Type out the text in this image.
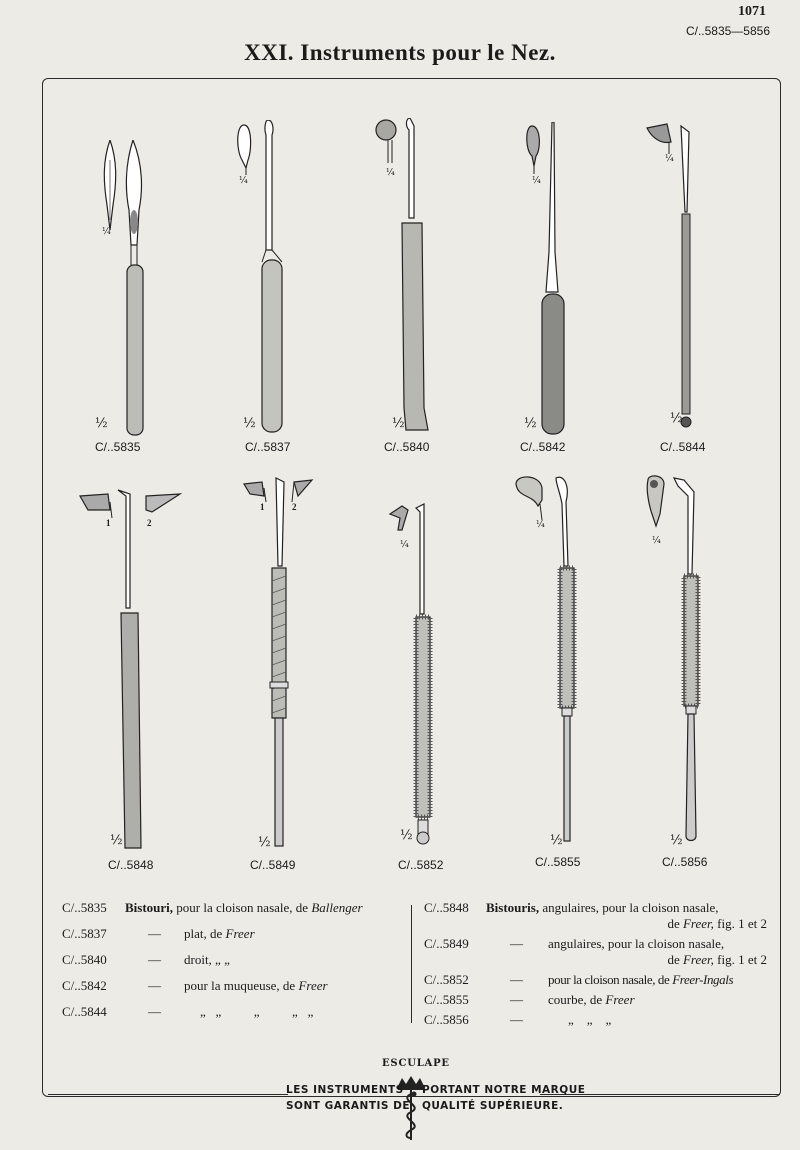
1071
C/..5835—5856
XXI. Instruments pour le Nez.
¼
½
C/..5835
¼
½
C/..5837
¼
½
C/..5840
¼
½
C/..5842
¼
½
C/..5844
1	2
½
C/..5848
1	2
½
C/..5849
¼
½
C/..5852
¼
½
C/..5855
¼
½
C/..5856
C/..5835 Bistouri, pour la cloison nasale, de Ballenger
C/..5837	— plat, de Freer
C/..5840	— droit, „ „
C/..5842	— pour la muqueuse, de Freer
C/..5844	—	„   „          „          „   „
C/..5848 Bistouris, angulaires, pour la cloison nasale,
de Freer, fig. 1 et 2
C/..5849	— angulaires, pour la cloison nasale,
de Freer, fig. 1 et 2
C/..5852	— pour la cloison nasale, de Freer-Ingals
C/..5855	— courbe, de Freer
C/..5856	—	„    „    „
ESCULAPE
LES INSTRUMENTS
SONT GARANTIS DE
PORTANT NOTRE MARQUE
QUALITÉ SUPÉRIEURE.
